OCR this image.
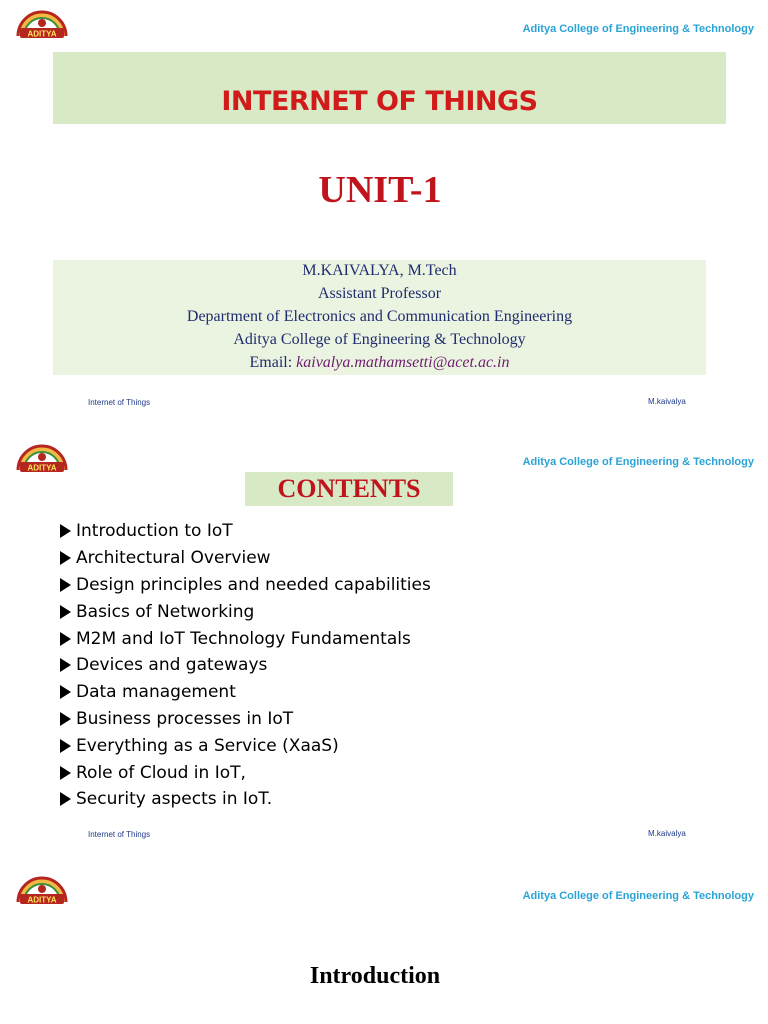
ADITYA	Aditya College of Engineering & Technology
INTERNET OF THINGS
UNIT-1
M.KAIVALYA, M.Tech
Assistant Professor
Department of Electronics and Communication Engineering
Aditya College of Engineering & Technology
Email: kaivalya.mathamsetti@acet.ac.in
Internet of Things	M.kaivalya
ADITYA	Aditya College of Engineering & Technology
CONTENTS
Introduction to IoT
Architectural Overview
Design principles and needed capabilities
Basics of Networking
M2M and IoT Technology Fundamentals
Devices and gateways
Data management
Business processes in IoT
Everything as a Service (XaaS)
Role of Cloud in IoT,
Security aspects in IoT.
Internet of Things	M.kaivalya
ADITYA	Aditya College of Engineering & Technology
Introduction
